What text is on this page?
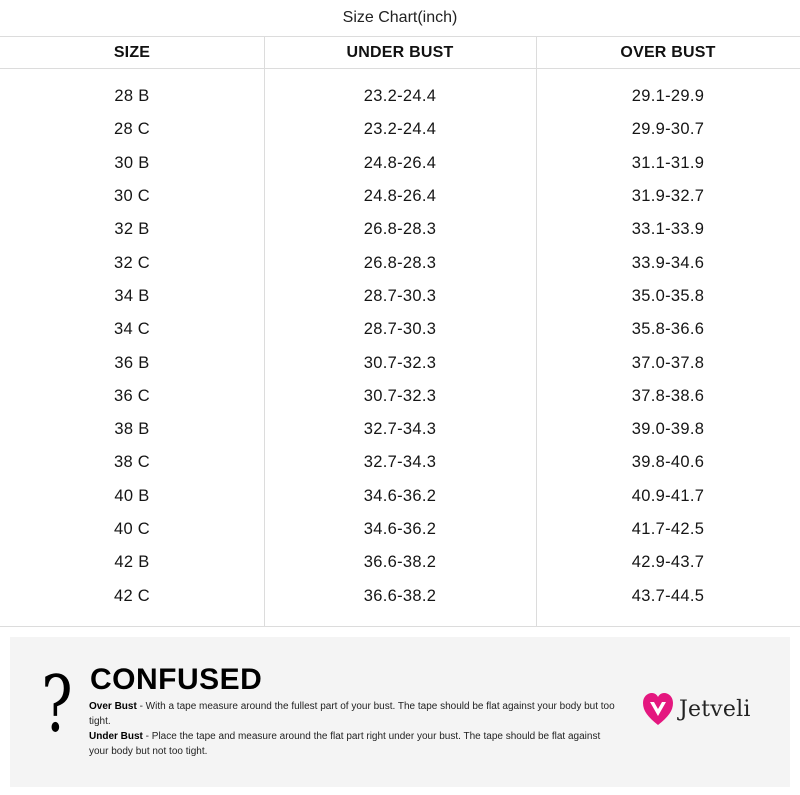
Size Chart(inch)
SIZE	UNDER BUST	OVER BUST
28 B	23.2-24.4	29.1-29.9
28 C	23.2-24.4	29.9-30.7
30 B	24.8-26.4	31.1-31.9
30 C	24.8-26.4	31.9-32.7
32 B	26.8-28.3	33.1-33.9
32 C	26.8-28.3	33.9-34.6
34 B	28.7-30.3	35.0-35.8
34 C	28.7-30.3	35.8-36.6
36 B	30.7-32.3	37.0-37.8
36 C	30.7-32.3	37.8-38.6
38 B	32.7-34.3	39.0-39.8
38 C	32.7-34.3	39.8-40.6
40 B	34.6-36.2	40.9-41.7
40 C	34.6-36.2	41.7-42.5
42 B	36.6-38.2	42.9-43.7
42 C	36.6-38.2	43.7-44.5
? CONFUSED

Over Bust - With a tape measure around the fullest part of your bust. The tape should be flat against your body but too tight.

Under Bust - Place the tape and measure around the flat part right under your bust. The tape should be flat against your body but not too tight.

Jetveli
